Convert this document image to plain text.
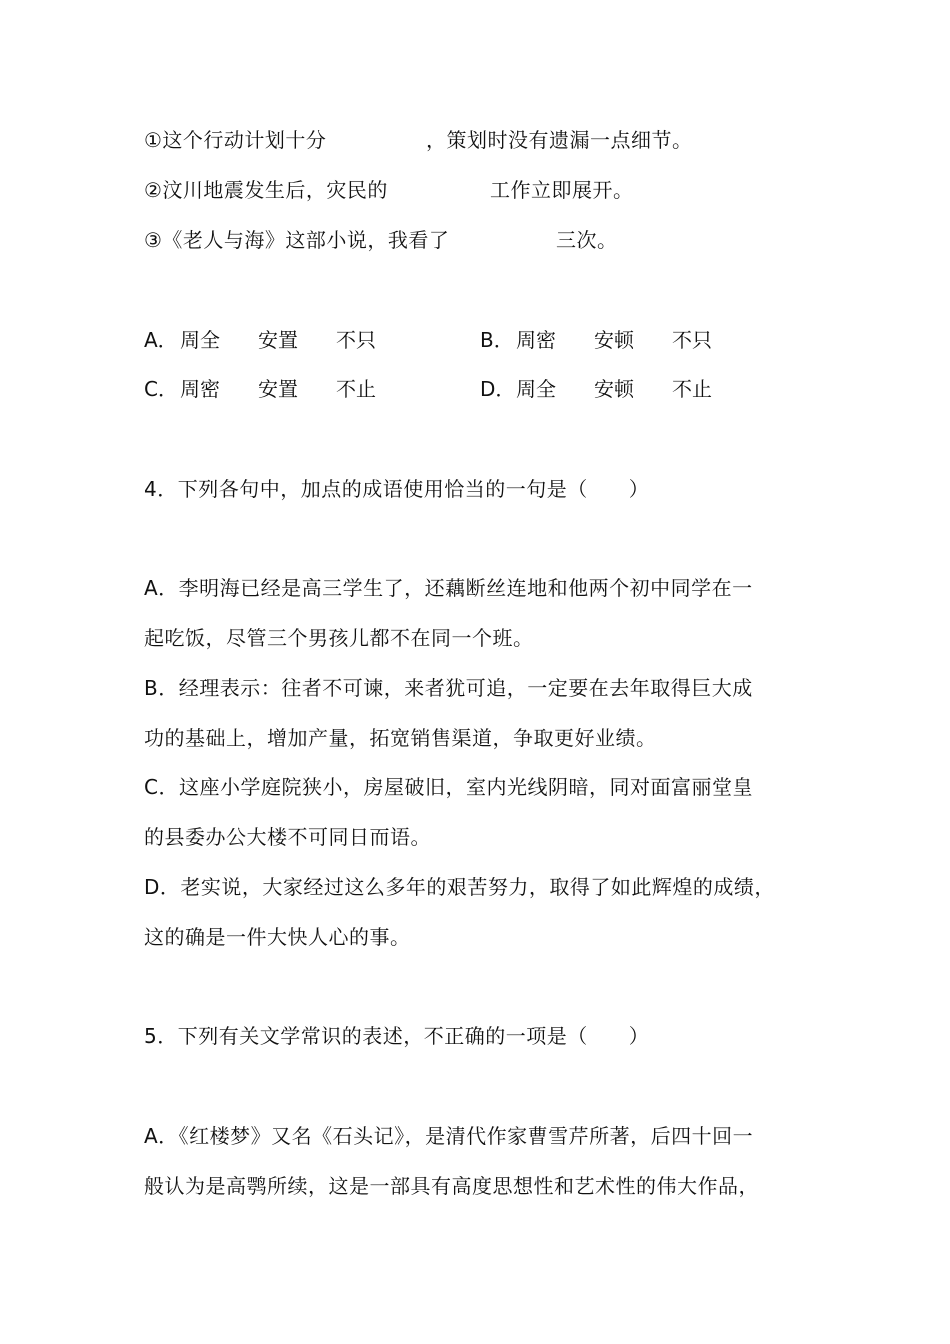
①这个行动计划十分

	，策划时没有遗漏一点细节。

②汶川地震发生后，灾民的

	工作立即展开。

③《老人与海》这部小说，我看了

	三次。

A． 周全 安置 不只	B． 周密 安顿 不只
C． 周密 安置 不止	D． 周全 安顿 不止
4．下列各句中，加点的成语使用恰当的一句是（　　）
A．李明海已经是高三学生了，还藕断丝连地和他两个初中同学在一
起吃饭，尽管三个男孩儿都不在同一个班。
B．经理表示：往者不可谏，来者犹可追，一定要在去年取得巨大成
功的基础上，增加产量，拓宽销售渠道，争取更好业绩。
C．这座小学庭院狭小，房屋破旧，室内光线阴暗，同对面富丽堂皇
的县委办公大楼不可同日而语。
D．老实说，大家经过这么多年的艰苦努力，取得了如此辉煌的成绩，
这的确是一件大快人心的事。
5．下列有关文学常识的表述，不正确的一项是（　　）
A．《红楼梦》又名《石头记》，是清代作家曹雪芹所著，后四十回一
般认为是高鹗所续，这是一部具有高度思想性和艺术性的伟大作品，
